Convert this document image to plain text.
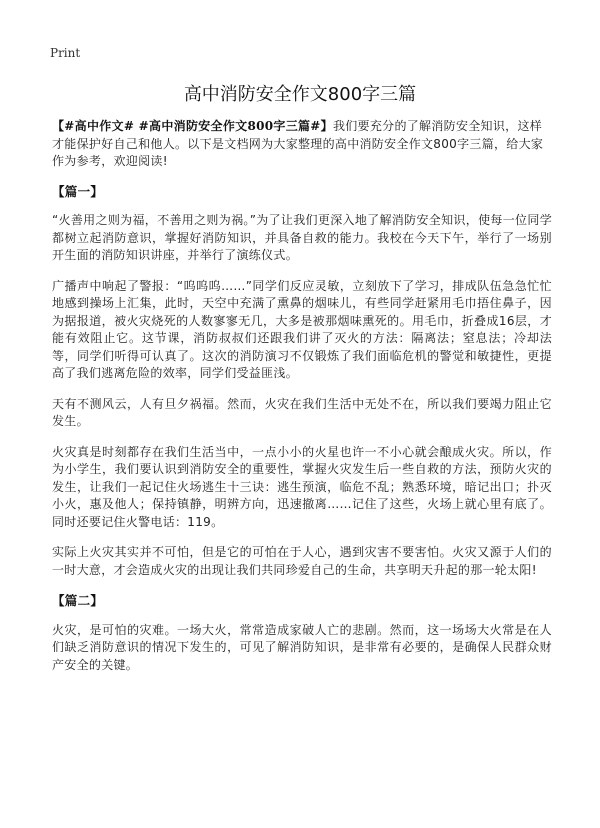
Print
高中消防安全作文800字三篇

【#高中作文# #高中消防安全作文800字三篇#】我们要充分的了解消防安全知识，这样才能保护好自己和他人。以下是文档网为大家整理的高中消防安全作文800字三篇，给大家作为参考，欢迎阅读!

【篇一】

“火善用之则为福，不善用之则为祸。”为了让我们更深入地了解消防安全知识，使每一位同学都树立起消防意识，掌握好消防知识，并具备自救的能力。我校在今天下午，举行了一场别开生面的消防知识讲座，并举行了演练仪式。

广播声中响起了警报：“呜呜呜……”同学们反应灵敏，立刻放下了学习，排成队伍急急忙忙地感到操场上汇集，此时，天空中充满了熏鼻的烟味儿，有些同学赶紧用毛巾捂住鼻子，因为据报道，被火灾烧死的人数寥寥无几，大多是被那烟味熏死的。用毛巾，折叠成16层，才能有效阻止它。这节课，消防叔叔们还跟我们讲了灭火的方法：隔离法；窒息法；冷却法等，同学们听得可认真了。这次的消防演习不仅锻炼了我们面临危机的警觉和敏捷性，更提高了我们逃离危险的效率，同学们受益匪浅。

天有不测风云，人有旦夕祸福。然而，火灾在我们生活中无处不在，所以我们要竭力阻止它发生。

火灾真是时刻都存在我们生活当中，一点小小的火星也许一不小心就会酿成火灾。所以，作为小学生，我们要认识到消防安全的重要性，掌握火灾发生后一些自救的方法，预防火灾的发生，让我们一起记住火场逃生十三诀：逃生预演，临危不乱；熟悉环境，暗记出口；扑灭小火，惠及他人；保持镇静，明辨方向，迅速撤离……记住了这些，火场上就心里有底了。同时还要记住火警电话：119。

实际上火灾其实并不可怕，但是它的可怕在于人心，遇到灾害不要害怕。火灾又源于人们的一时大意，才会造成火灾的出现让我们共同珍爱自己的生命，共享明天升起的那一轮太阳!

【篇二】

火灾，是可怕的灾难。一场大火，常常造成家破人亡的悲剧。然而，这一场场大火常是在人们缺乏消防意识的情况下发生的，可见了解消防知识，是非常有必要的，是确保人民群众财产安全的关键。
